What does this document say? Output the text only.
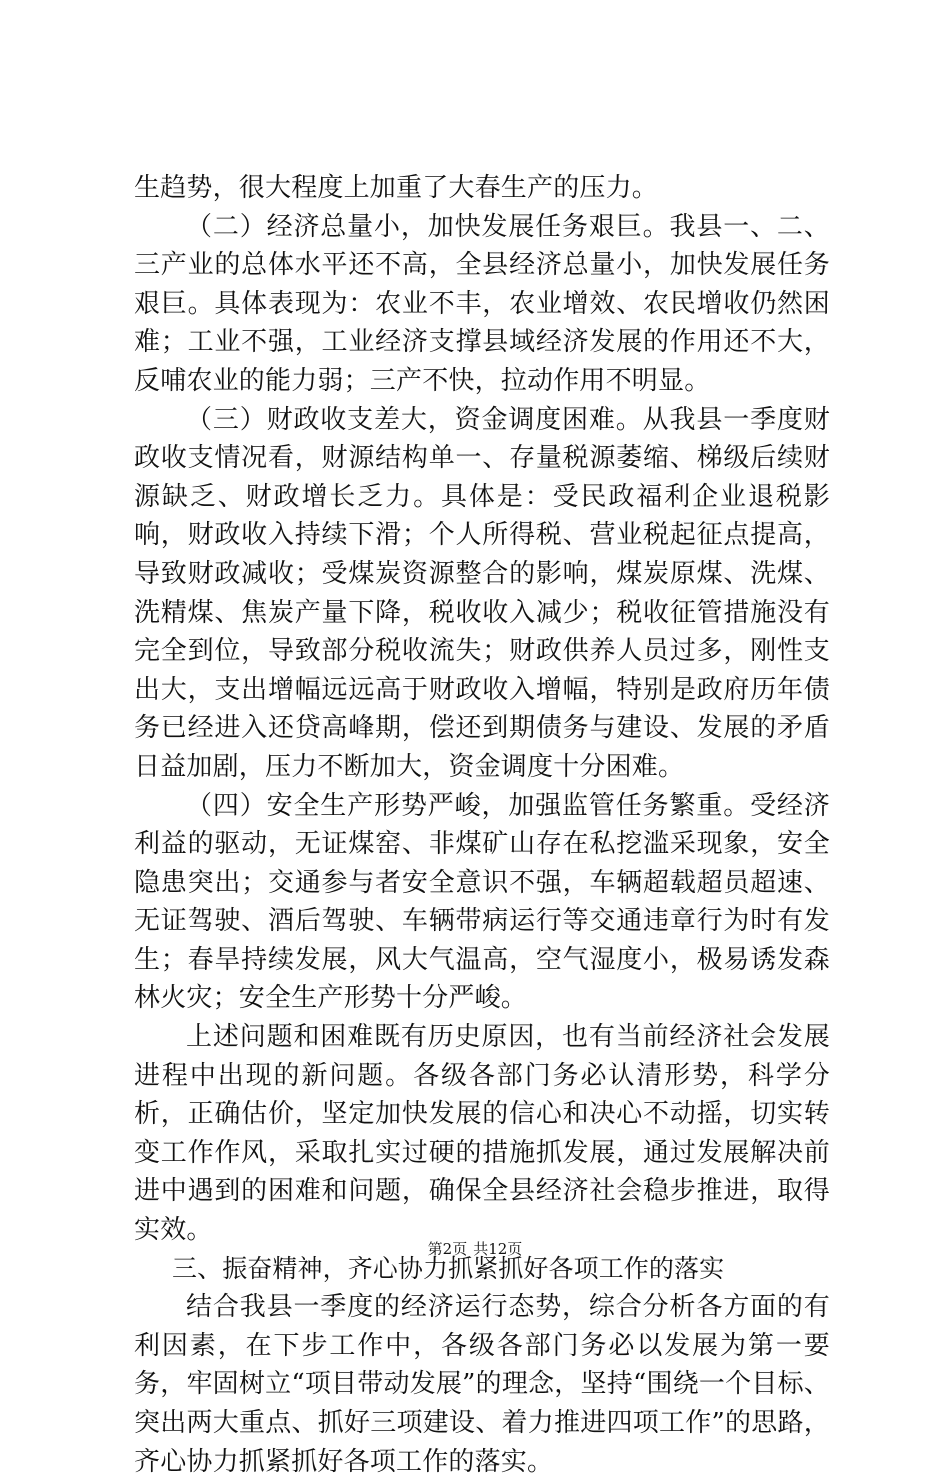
生趋势，很大程度上加重了大春生产的压力。

（二）经济总量小，加快发展任务艰巨。我县一、二、三产业的总体水平还不高，全县经济总量小，加快发展任务艰巨。具体表现为：农业不丰，农业增效、农民增收仍然困难；工业不强，工业经济支撑县域经济发展的作用还不大，反哺农业的能力弱；三产不快，拉动作用不明显。

（三）财政收支差大，资金调度困难。从我县一季度财政收支情况看，财源结构单一、存量税源萎缩、梯级后续财源缺乏、财政增长乏力。具体是：受民政福利企业退税影响，财政收入持续下滑；个人所得税、营业税起征点提高，导致财政减收；受煤炭资源整合的影响，煤炭原煤、洗煤、洗精煤、焦炭产量下降，税收收入减少；税收征管措施没有完全到位，导致部分税收流失；财政供养人员过多，刚性支出大，支出增幅远远高于财政收入增幅，特别是政府历年债务已经进入还贷高峰期，偿还到期债务与建设、发展的矛盾日益加剧，压力不断加大，资金调度十分困难。

（四）安全生产形势严峻，加强监管任务繁重。受经济利益的驱动，无证煤窑、非煤矿山存在私挖滥采现象，安全隐患突出；交通参与者安全意识不强，车辆超载超员超速、无证驾驶、酒后驾驶、车辆带病运行等交通违章行为时有发生；春旱持续发展，风大气温高，空气湿度小，极易诱发森林火灾；安全生产形势十分严峻。

上述问题和困难既有历史原因，也有当前经济社会发展进程中出现的新问题。各级各部门务必认清形势，科学分析，正确估价，坚定加快发展的信心和决心不动摇，切实转变工作作风，采取扎实过硬的措施抓发展，通过发展解决前进中遇到的困难和问题，确保全县经济社会稳步推进，取得实效。

三、振奋精神，齐心协力抓紧抓好各项工作的落实

结合我县一季度的经济运行态势，综合分析各方面的有利因素，在下步工作中，各级各部门务必以发展为第一要务，牢固树立“项目带动发展”的理念，坚持“围绕一个目标、突出两大重点、抓好三项建设、着力推进四项工作”的思路，齐心协力抓紧抓好各项工作的落实。

第2页 共12页
